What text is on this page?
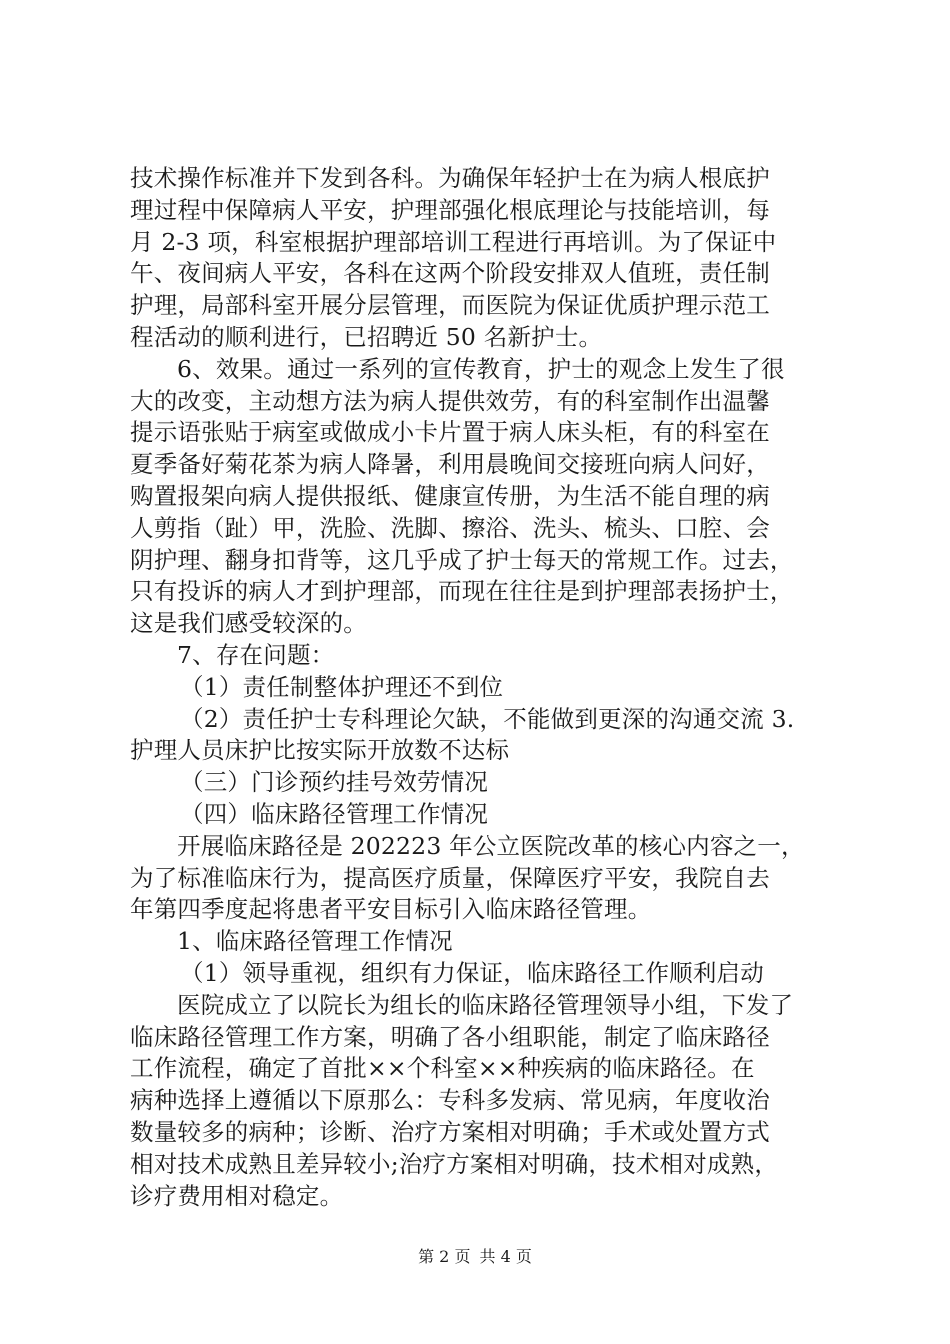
技术操作标准并下发到各科。为确保年轻护士在为病人根底护
理过程中保障病人平安，护理部强化根底理论与技能培训，每
月 2-3 项，科室根据护理部培训工程进行再培训。为了保证中
午、夜间病人平安，各科在这两个阶段安排双人值班，责任制
护理，局部科室开展分层管理，而医院为保证优质护理示范工
程活动的顺利进行，已招聘近 50 名新护士。
6、效果。通过一系列的宣传教育，护士的观念上发生了很
大的改变，主动想方法为病人提供效劳，有的科室制作出温馨
提示语张贴于病室或做成小卡片置于病人床头柜，有的科室在
夏季备好菊花茶为病人降暑，利用晨晚间交接班向病人问好，
购置报架向病人提供报纸、健康宣传册，为生活不能自理的病
人剪指（趾）甲，洗脸、洗脚、擦浴、洗头、梳头、口腔、会
阴护理、翻身扣背等，这几乎成了护士每天的常规工作。过去，
只有投诉的病人才到护理部，而现在往往是到护理部表扬护士，
这是我们感受较深的。
7、存在问题：
（1）责任制整体护理还不到位
（2）责任护士专科理论欠缺，不能做到更深的沟通交流 3.
护理人员床护比按实际开放数不达标
（三）门诊预约挂号效劳情况
（四）临床路径管理工作情况
开展临床路径是 202223 年公立医院改革的核心内容之一，
为了标准临床行为，提高医疗质量，保障医疗平安，我院自去
年第四季度起将患者平安目标引入临床路径管理。
1、临床路径管理工作情况
（1）领导重视，组织有力保证，临床路径工作顺利启动
医院成立了以院长为组长的临床路径管理领导小组，下发了
临床路径管理工作方案，明确了各小组职能，制定了临床路径
工作流程，确定了首批××个科室××种疾病的临床路径。在
病种选择上遵循以下原那么：专科多发病、常见病，年度收治
数量较多的病种；诊断、治疗方案相对明确；手术或处置方式
相对技术成熟且差异较小;治疗方案相对明确，技术相对成熟，
诊疗费用相对稳定。
第 2 页 共 4 页
